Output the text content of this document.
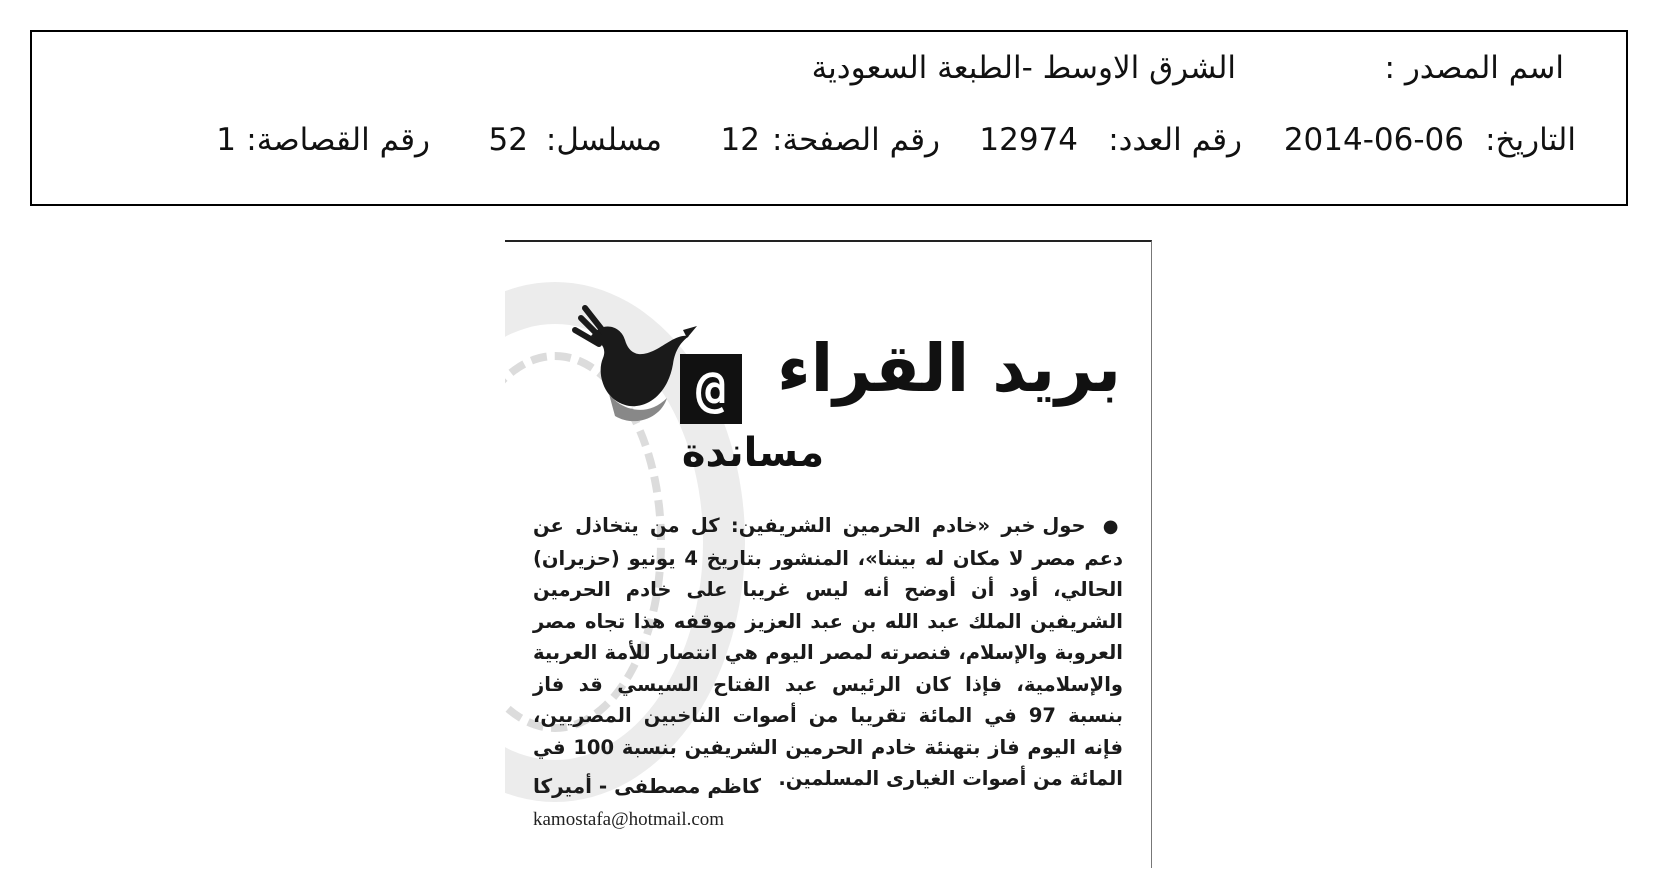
اسم المصدر :
الشرق الاوسط -الطبعة السعودية
التاريخ:
2014-06-06
رقم العدد:
12974
رقم الصفحة:
12
مسلسل:
52
رقم القصاصة:
1
بريد القراء
@
مساندة
● حول خبر «خادم الحرمين الشريفين: كل من يتخاذل عن دعم مصر لا مكان له بيننا»، المنشور بتاريخ 4 يونيو (حزيران) الحالي، أود أن أوضح أنه ليس غريبا على خادم الحرمين الشريفين الملك عبد الله بن عبد العزيز موقفه هذا تجاه مصر العروبة والإسلام، فنصرته لمصر اليوم هي انتصار للأمة العربية والإسلامية، فإذا كان الرئيس عبد الفتاح السيسي قد فاز بنسبة 97 في المائة تقريبا من أصوات الناخبين المصريين، فإنه اليوم فاز بتهنئة خادم الحرمين الشريفين بنسبة 100 في المائة من أصوات الغيارى المسلمين.
كاظم مصطفى - أميركا
kamostafa@hotmail.com
